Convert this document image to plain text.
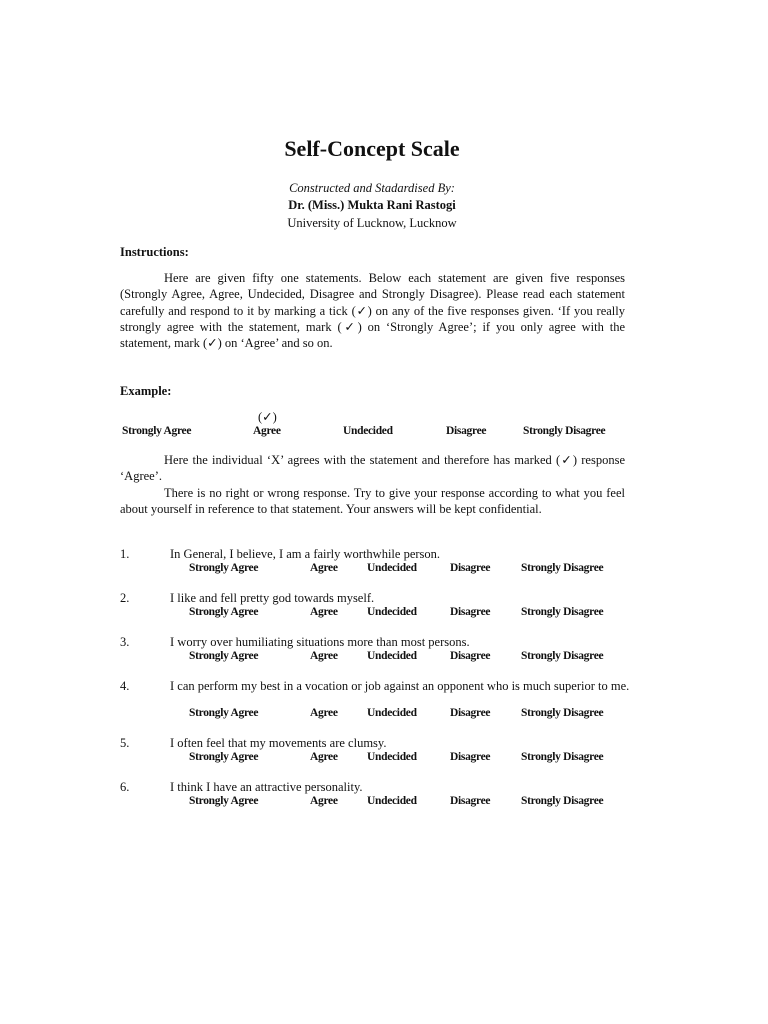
Self-Concept Scale
Constructed and Stadardised By:
Dr. (Miss.) Mukta Rani Rastogi
University of Lucknow, Lucknow
Instructions:

Here are given fifty one statements. Below each statement are given five responses (Strongly Agree, Agree, Undecided, Disagree and Strongly Disagree). Please read each statement carefully and respond to it by marking a tick (✓) on any of the five responses given. ‘If you really strongly agree with the statement, mark (✓) on ‘Strongly Agree’; if you only agree with the statement, mark (✓) on ‘Agree’ and so on.

Example:
(✓)
Strongly Agree	Agree	Undecided	Disagree	Strongly Disagree

Here the individual ‘X’ agrees with the statement and therefore has marked (✓) response ‘Agree’.

There is no right or wrong response. Try to give your response according to what you feel about yourself in reference to that statement. Your answers will be kept confidential.

1.	In General, I believe, I am a fairly worthwhile person.
Strongly Agree	Agree	Undecided	Disagree	Strongly Disagree
2.	I like and fell pretty god towards myself.
Strongly Agree	Agree	Undecided	Disagree	Strongly Disagree
3.	I worry over humiliating situations more than most persons.
Strongly Agree	Agree	Undecided	Disagree	Strongly Disagree
4.	I can perform my best in a vocation or job against an opponent who is much superior to me.
Strongly Agree	Agree	Undecided	Disagree	Strongly Disagree
5.	I often feel that my movements are clumsy.
Strongly Agree	Agree	Undecided	Disagree	Strongly Disagree
6.	I think I have an attractive personality.
Strongly Agree	Agree	Undecided	Disagree	Strongly Disagree
